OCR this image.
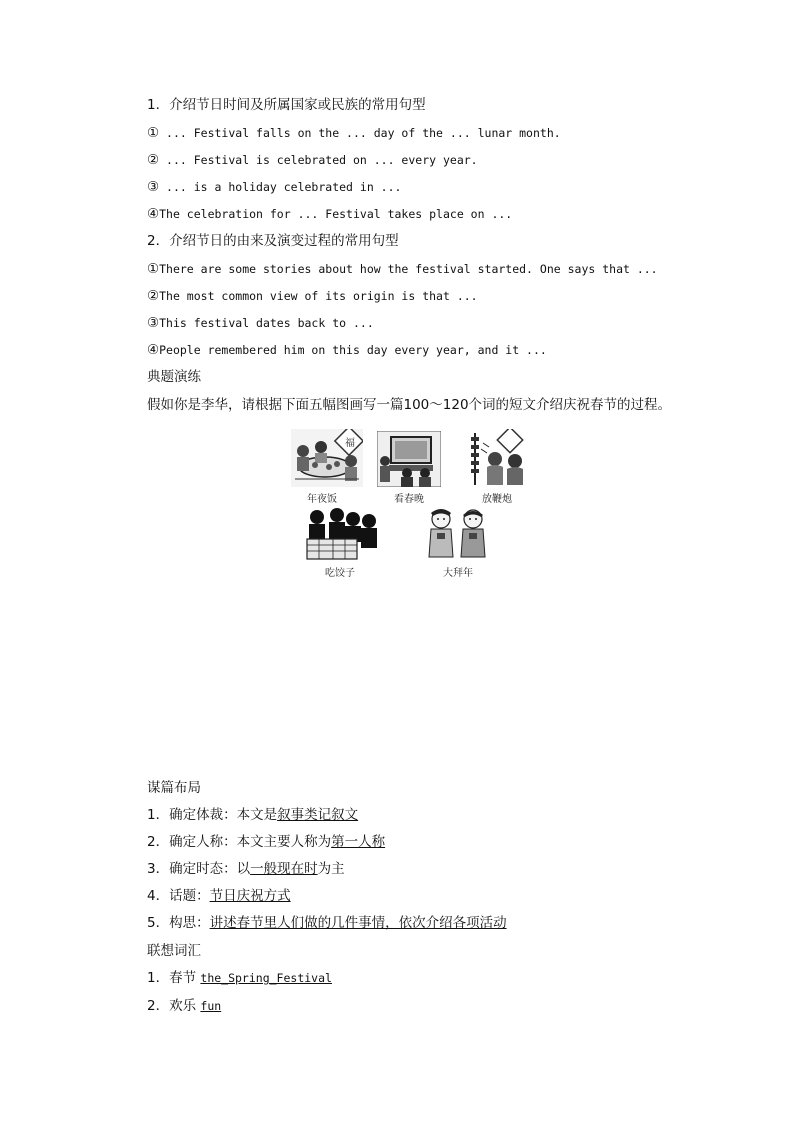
1．介绍节日时间及所属国家或民族的常用句型
① ... Festival falls on the ... day of the ... lunar month.
② ... Festival is celebrated on ... every year.
③ ... is a holiday celebrated in ...
④The celebration for ... Festival takes place on ...
2．介绍节日的由来及演变过程的常用句型
①There are some stories about how the festival started. One says that ...
②The most common view of its origin is that ...
③This festival dates back to ...
④People remembered him on this day every year, and it ...
典题演练
假如你是李华，请根据下面五幅图画写一篇100～120个词的短文介绍庆祝春节的过程。
福
年夜饭	看春晚	放鞭炮
吃饺子	大拜年
谋篇布局
1．确定体裁：本文是叙事类记叙文
2．确定人称：本文主要人称为第一人称
3．确定时态：以一般现在时为主
4．话题：节日庆祝方式
5．构思：讲述春节里人们做的几件事情，依次介绍各项活动
联想词汇
1．春节 the_Spring_Festival
2．欢乐 fun
